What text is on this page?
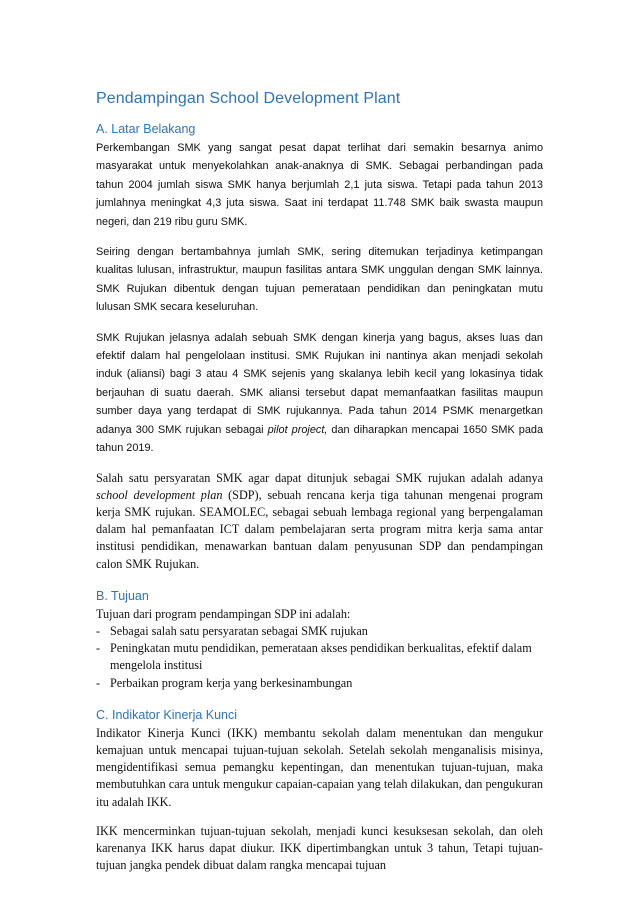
Pendampingan School Development Plant
A. Latar Belakang

Perkembangan SMK yang sangat pesat dapat terlihat dari semakin besarnya animo masyarakat untuk menyekolahkan anak-anaknya di SMK. Sebagai perbandingan pada tahun 2004 jumlah siswa SMK hanya berjumlah 2,1 juta siswa. Tetapi pada tahun 2013 jumlahnya meningkat 4,3 juta siswa. Saat ini terdapat 11.748 SMK baik swasta maupun negeri, dan 219 ribu guru SMK.

Seiring dengan bertambahnya jumlah SMK, sering ditemukan terjadinya ketimpangan kualitas lulusan, infrastruktur, maupun fasilitas antara SMK unggulan dengan SMK lainnya. SMK Rujukan dibentuk dengan tujuan pemerataan pendidikan dan peningkatan mutu lulusan SMK secara keseluruhan.

SMK Rujukan jelasnya adalah sebuah SMK dengan kinerja yang bagus, akses luas dan efektif dalam hal pengelolaan institusi. SMK Rujukan ini nantinya akan menjadi sekolah induk (aliansi) bagi 3 atau 4 SMK sejenis yang skalanya lebih kecil yang lokasinya tidak berjauhan di suatu daerah. SMK aliansi tersebut dapat memanfaatkan fasilitas maupun sumber daya yang terdapat di SMK rujukannya. Pada tahun 2014 PSMK menargetkan adanya 300 SMK rujukan sebagai pilot project, dan diharapkan mencapai 1650 SMK pada tahun 2019.

Salah satu persyaratan SMK agar dapat ditunjuk sebagai SMK rujukan adalah adanya school development plan (SDP), sebuah rencana kerja tiga tahunan mengenai program kerja SMK rujukan. SEAMOLEC, sebagai sebuah lembaga regional yang berpengalaman dalam hal pemanfaatan ICT dalam pembelajaran serta program mitra kerja sama antar institusi pendidikan, menawarkan bantuan dalam penyusunan SDP dan pendampingan calon SMK Rujukan.

B. Tujuan

Tujuan dari program pendampingan SDP ini adalah:

- Sebagai salah satu persyaratan sebagai SMK rujukan
- Peningkatan mutu pendidikan, pemerataan akses pendidikan berkualitas, efektif dalam mengelola institusi
- Perbaikan program kerja yang berkesinambungan
C. Indikator Kinerja Kunci

Indikator Kinerja Kunci (IKK) membantu sekolah dalam menentukan dan mengukur kemajuan untuk mencapai tujuan-tujuan sekolah. Setelah sekolah menganalisis misinya, mengidentifikasi semua pemangku kepentingan, dan menentukan tujuan-tujuan, maka membutuhkan cara untuk mengukur capaian-capaian yang telah dilakukan, dan pengukuran itu adalah IKK.

IKK mencerminkan tujuan-tujuan sekolah, menjadi kunci kesuksesan sekolah, dan oleh karenanya IKK harus dapat diukur. IKK dipertimbangkan untuk 3 tahun, Tetapi tujuan-tujuan jangka pendek dibuat dalam rangka mencapai tujuan
